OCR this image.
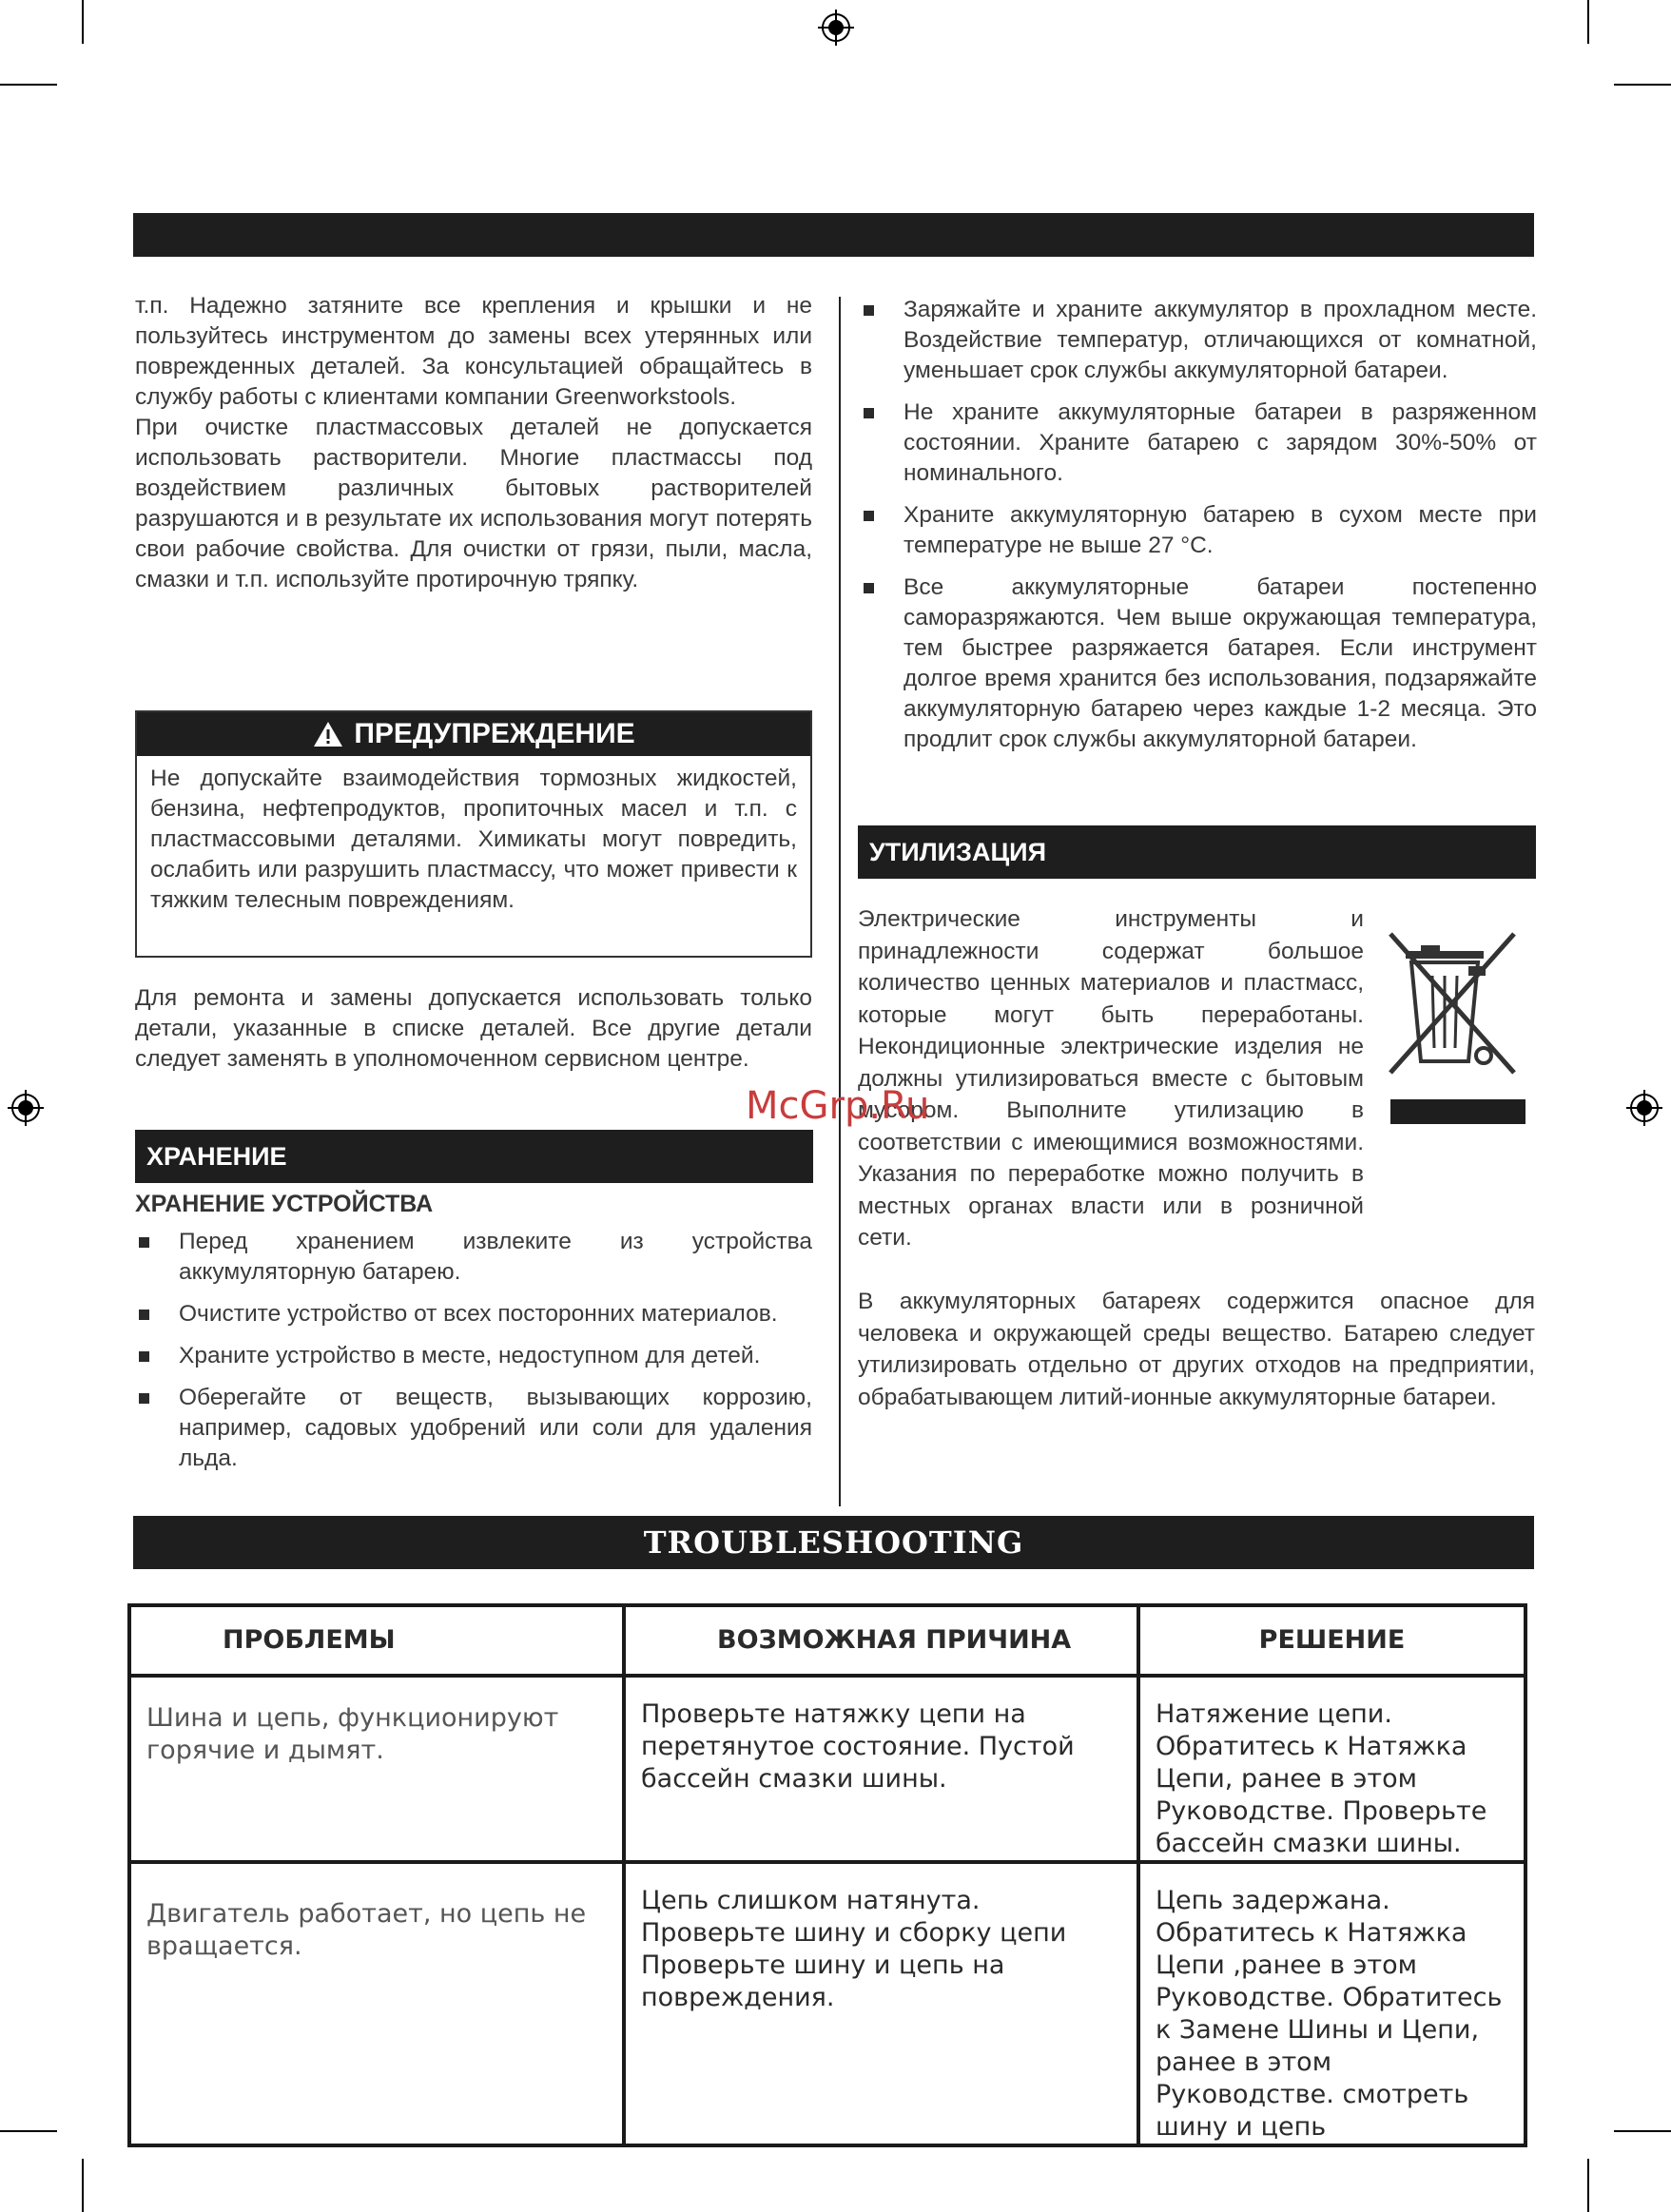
т.п. Надежно затяните все крепления и крышки и не пользуйтесь инструментом до замены всех утерянных или поврежденных деталей. За консультацией обращайтесь в службу работы с клиентами компании Greenworkstools.

При очистке пластмассовых деталей не допускается использовать растворители. Многие пластмассы под воздействием различных бытовых растворителей разрушаются и в результате их использования могут потерять свои рабочие свойства. Для очистки от грязи, пыли, масла, смазки и т.п. используйте протирочную тряпку.

ПРЕДУПРЕЖДЕНИЕ
Не допускайте взаимодействия тормозных жидкостей, бензина, нефтепродуктов, пропиточных масел и т.п. с пластмассовыми деталями. Химикаты могут повредить, ослабить или разрушить пластмассу, что может привести к тяжким телесным повреждениям.
Для ремонта и замены допускается использовать только детали, указанные в списке деталей. Все другие детали следует заменять в уполномоченном сервисном центре.
ХРАНЕНИЕ
ХРАНЕНИЕ УСТРОЙСТВА
Перед хранением извлеките из устройства аккумуляторную батарею.
Очистите устройство от всех посторонних материалов.
Храните устройство в месте, недоступном для детей.
Оберегайте от веществ, вызывающих коррозию, например, садовых удобрений или соли для удаления льда.
Заряжайте и храните аккумулятор в прохладном месте. Воздействие температур, отличающихся от комнатной, уменьшает срок службы аккумуляторной батареи.
Не храните аккумуляторные батареи в разряженном состоянии. Храните батарею с зарядом 30%-50% от номинального.
Храните аккумуляторную батарею в сухом месте при температуре не выше 27 °C.
Все аккумуляторные батареи постепенно саморазряжаются. Чем выше окружающая температура, тем быстрее разряжается батарея. Если инструмент долгое время хранится без использования, подзаряжайте аккумуляторную батарею через каждые 1-2 месяца. Это продлит срок службы аккумуляторной батареи.
УТИЛИЗАЦИЯ
Электрические инструменты и принадлежности содержат большое количество ценных материалов и пластмасс, которые могут быть переработаны. Некондиционные электрические изделия не должны утилизироваться вместе с бытовым мусором. Выполните утилизацию в соответствии с имеющимися возможностями. Указания по переработке можно получить в местных органах власти или в розничной сети.
В аккумуляторных батареях содержится опасное для человека и окружающей среды вещество. Батарею следует утилизировать отдельно от других отходов на предприятии, обрабатывающем литий-ионные аккумуляторные батареи.
McGrp.Ru
TROUBLESHOOTING
ПРОБЛЕМЫ	ВОЗМОЖНАЯ ПРИЧИНА	РЕШЕНИЕ
Шина и цепь, функционируют горячие и дымят.	Проверьте натяжку цепи на перетянутое состояние. Пустой бассейн смазки шины.	Натяжение цепи. Обратитесь к Натяжка Цепи, ранее в этом Руководстве. Проверьте бассейн смазки шины.
Двигатель работает, но цепь не вращается.	Цепь слишком натянута. Проверьте шину и сборку цепи Проверьте шину и цепь на повреждения.	Цепь задержана. Обратитесь к Натяжка Цепи ,ранее в этом Руководстве. Обратитесь к Замене Шины и Цепи, ранее в этом Руководстве. смотреть шину и цепь
